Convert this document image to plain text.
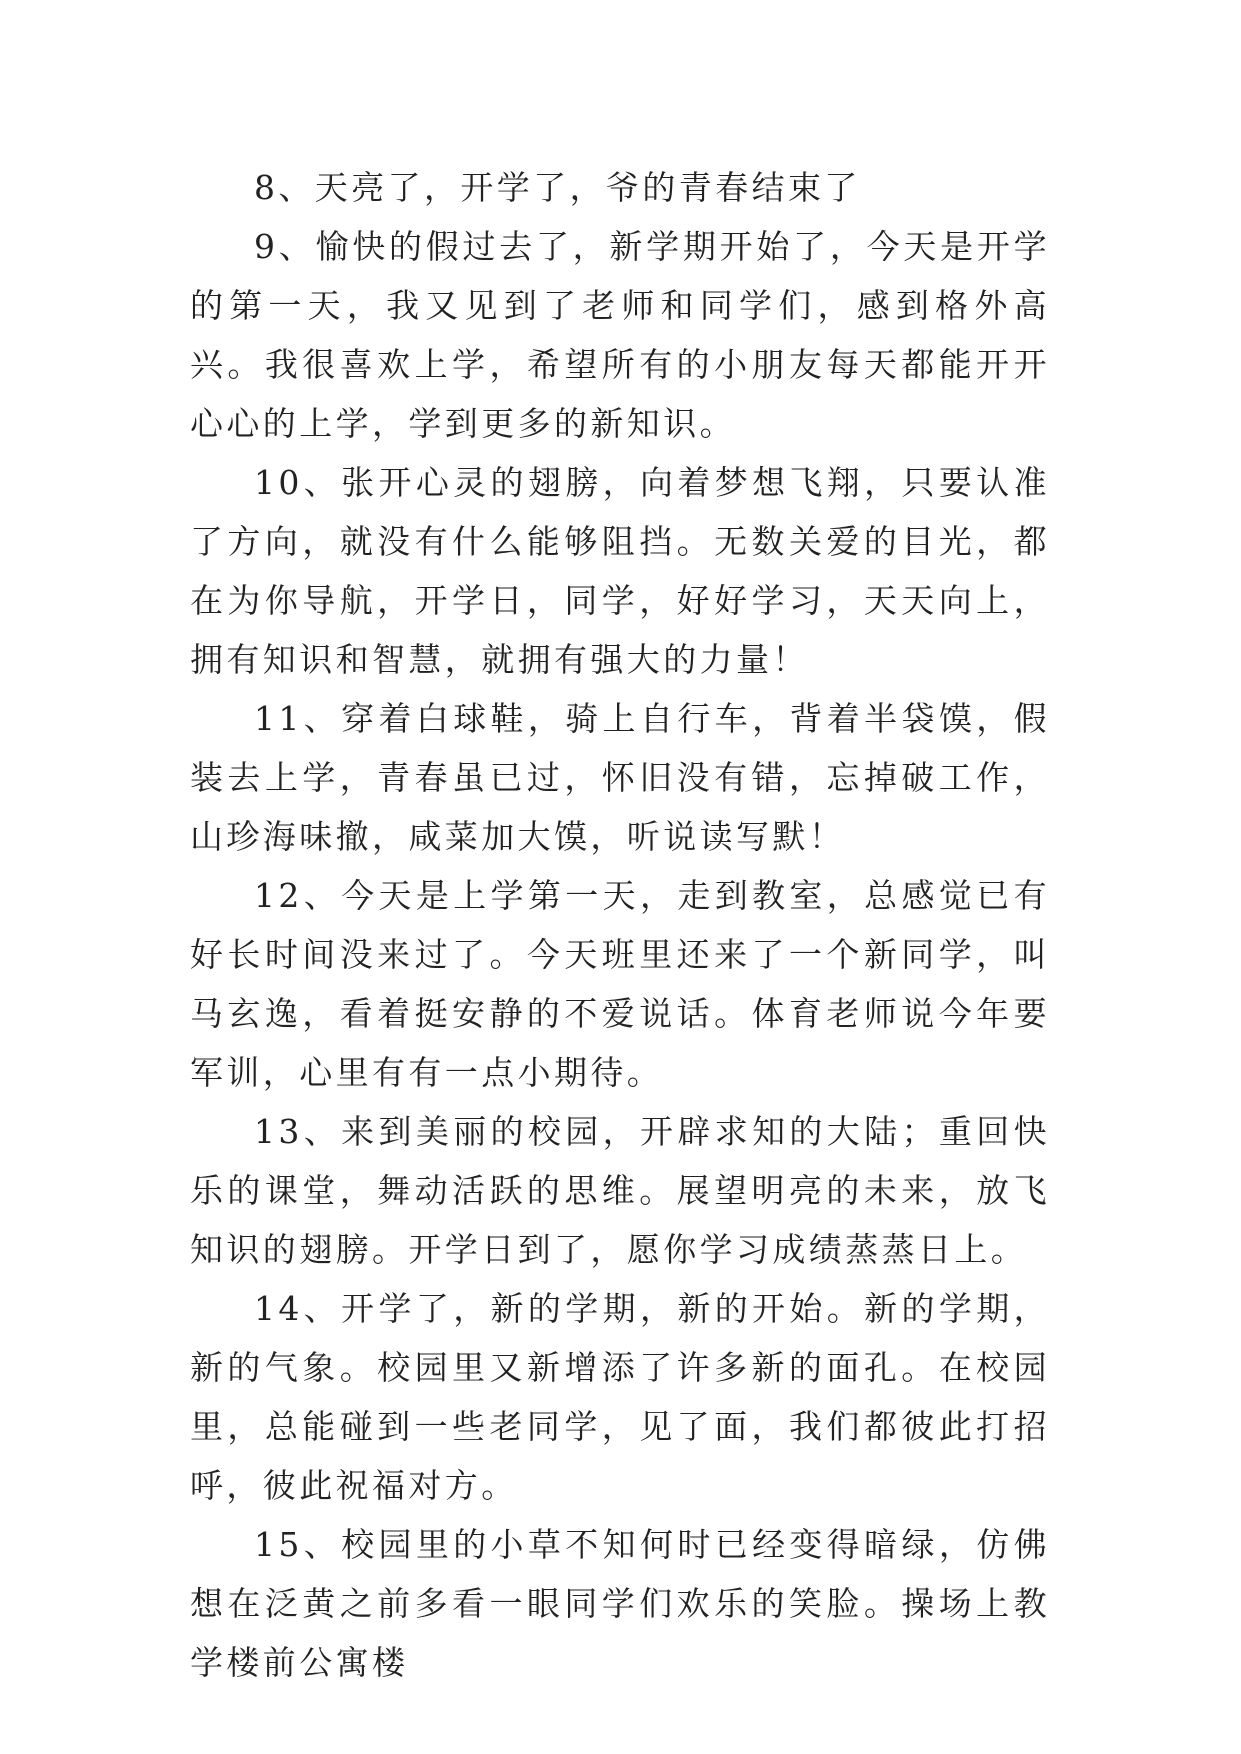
8、天亮了，开学了，爷的青春结束了

9、愉快的假过去了，新学期开始了，今天是开学的第一天，我又见到了老师和同学们，感到格外高兴。我很喜欢上学，希望所有的小朋友每天都能开开心心的上学，学到更多的新知识。

10、张开心灵的翅膀，向着梦想飞翔，只要认准了方向，就没有什么能够阻挡。无数关爱的目光，都在为你导航，开学日，同学，好好学习，天天向上，拥有知识和智慧，就拥有强大的力量！

11、穿着白球鞋，骑上自行车，背着半袋馍，假装去上学，青春虽已过，怀旧没有错，忘掉破工作，山珍海味撤，咸菜加大馍，听说读写默！

12、今天是上学第一天，走到教室，总感觉已有好长时间没来过了。今天班里还来了一个新同学，叫马玄逸，看着挺安静的不爱说话。体育老师说今年要军训，心里有有一点小期待。

13、来到美丽的校园，开辟求知的大陆；重回快乐的课堂，舞动活跃的思维。展望明亮的未来，放飞知识的翅膀。开学日到了，愿你学习成绩蒸蒸日上。

14、开学了，新的学期，新的开始。新的学期，新的气象。校园里又新增添了许多新的面孔。在校园里，总能碰到一些老同学，见了面，我们都彼此打招呼，彼此祝福对方。

15、校园里的小草不知何时已经变得暗绿，仿佛想在泛黄之前多看一眼同学们欢乐的笑脸。操场上教学楼前公寓楼
